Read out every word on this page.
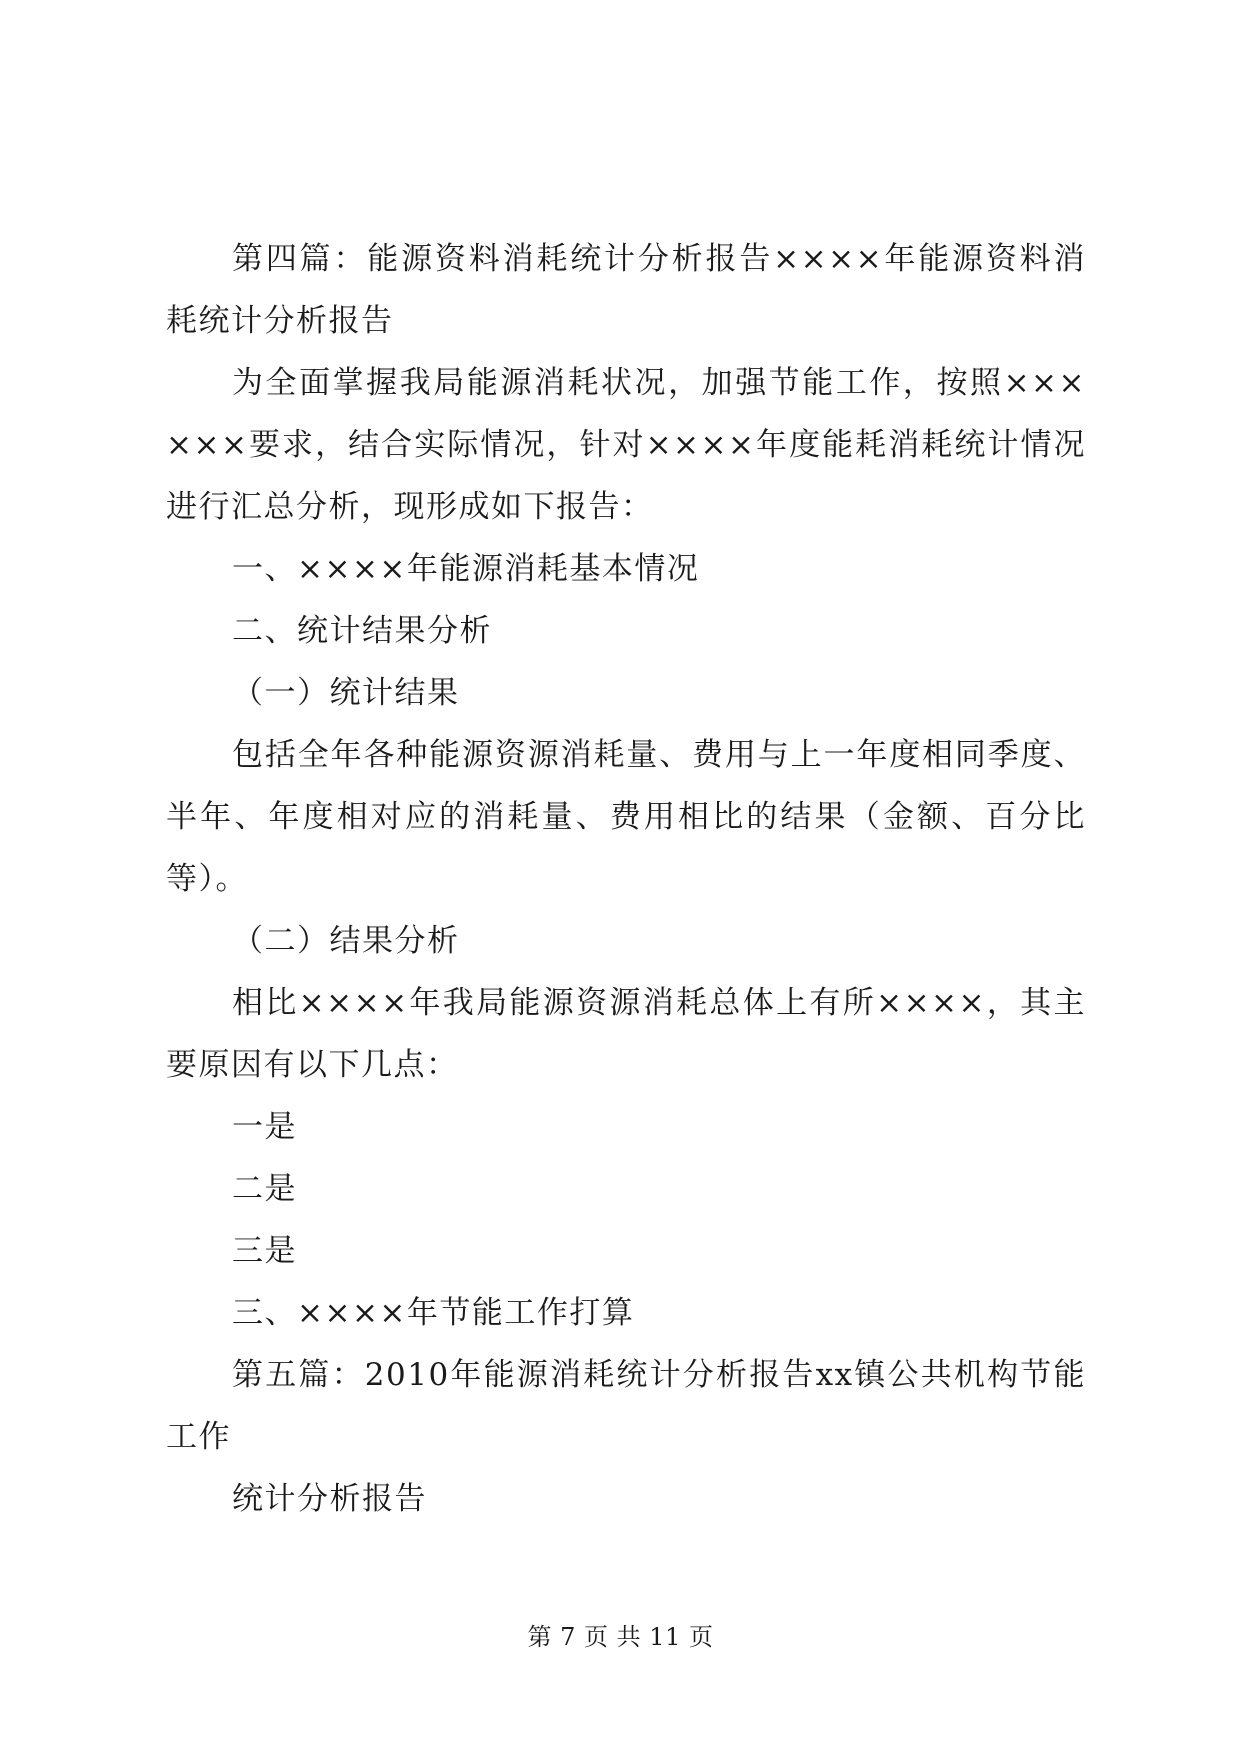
第四篇：能源资料消耗统计分析报告××××年能源资料消耗统计分析报告

为全面掌握我局能源消耗状况，加强节能工作，按照××××××要求，结合实际情况，针对××××年度能耗消耗统计情况进行汇总分析，现形成如下报告：

一、××××年能源消耗基本情况

二、统计结果分析

（一）统计结果

包括全年各种能源资源消耗量、费用与上一年度相同季度、半年、年度相对应的消耗量、费用相比的结果（金额、百分比等）。

（二）结果分析

相比××××年我局能源资源消耗总体上有所××××，其主要原因有以下几点：

一是

二是

三是

三、××××年节能工作打算

第五篇：2010年能源消耗统计分析报告xx镇公共机构节能工作

统计分析报告

第 7 页 共 11 页
